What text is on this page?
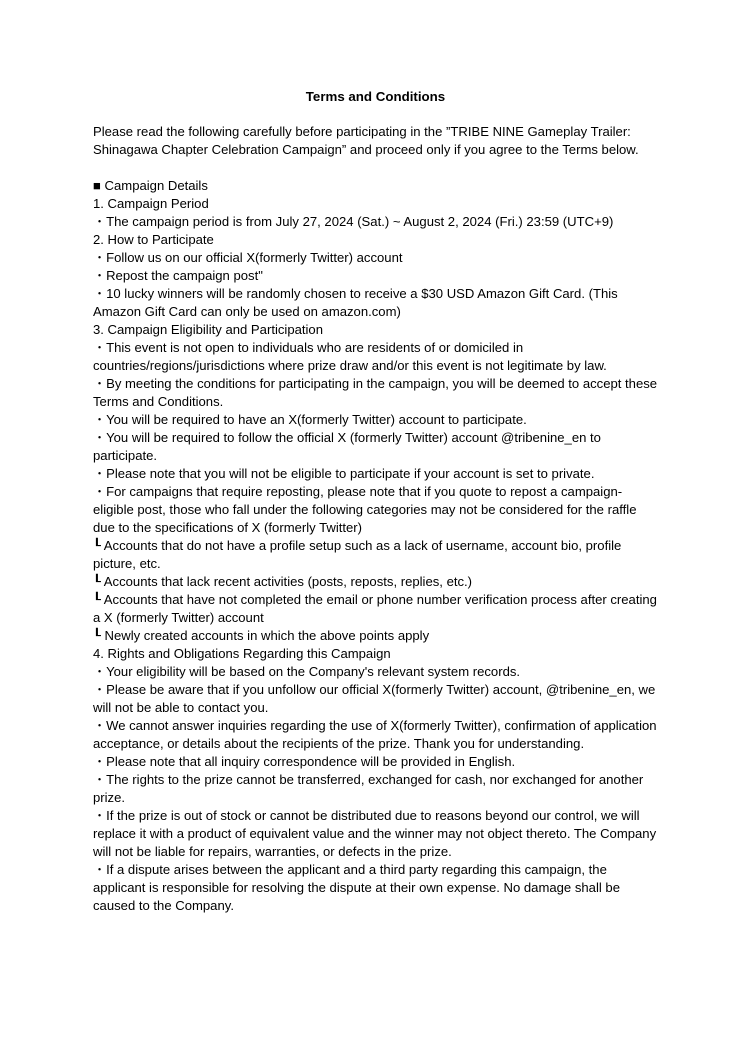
Terms and Conditions

Please read the following carefully before participating in the ”TRIBE NINE Gameplay Trailer: Shinagawa Chapter Celebration Campaign” and proceed only if you agree to the Terms below.

■ Campaign Details

1. Campaign Period

・The campaign period is from July 27, 2024 (Sat.) ~ August 2, 2024 (Fri.) 23:59 (UTC+9)

2. How to Participate

・Follow us on our official X(formerly Twitter) account

・Repost the campaign post"

・10 lucky winners will be randomly chosen to receive a $30 USD Amazon Gift Card. (This Amazon Gift Card can only be used on amazon.com)

3. Campaign Eligibility and Participation

・This event is not open to individuals who are residents of or domiciled in countries/regions/jurisdictions where prize draw and/or this event is not legitimate by law.

・By meeting the conditions for participating in the campaign, you will be deemed to accept these Terms and Conditions.

・You will be required to have an X(formerly Twitter) account to participate.

・You will be required to follow the official X (formerly Twitter) account @tribenine_en to participate.

・Please note that you will not be eligible to participate if your account is set to private.

・For campaigns that require reposting, please note that if you quote to repost a campaign-eligible post, those who fall under the following categories may not be considered for the raffle due to the specifications of X (formerly Twitter)

┖ Accounts that do not have a profile setup such as a lack of username, account bio, profile picture, etc.

┖ Accounts that lack recent activities (posts, reposts, replies, etc.)

┖ Accounts that have not completed the email or phone number verification process after creating a X (formerly Twitter) account

┖ Newly created accounts in which the above points apply

4. Rights and Obligations Regarding this Campaign

・Your eligibility will be based on the Company's relevant system records.

・Please be aware that if you unfollow our official X(formerly Twitter) account, @tribenine_en, we will not be able to contact you.

・We cannot answer inquiries regarding the use of X(formerly Twitter), confirmation of application acceptance, or details about the recipients of the prize. Thank you for understanding.

・Please note that all inquiry correspondence will be provided in English.

・The rights to the prize cannot be transferred, exchanged for cash, nor exchanged for another prize.

・If the prize is out of stock or cannot be distributed due to reasons beyond our control, we will replace it with a product of equivalent value and the winner may not object thereto. The Company will not be liable for repairs, warranties, or defects in the prize.

・If a dispute arises between the applicant and a third party regarding this campaign, the applicant is responsible for resolving the dispute at their own expense. No damage shall be caused to the Company.
